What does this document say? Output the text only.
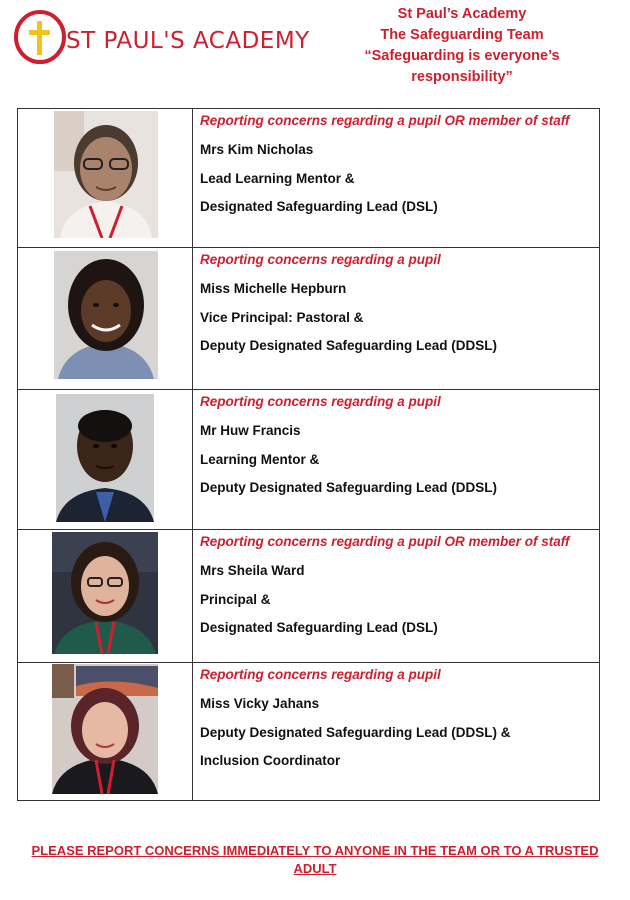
ST PAUL'S ACADEMY
St Paul’s Academy
The Safeguarding Team
“Safeguarding is everyone’s
responsibility”
Reporting concerns regarding a pupil OR member of staff
Mrs Kim Nicholas
Lead Learning Mentor &
Designated Safeguarding Lead (DSL)
Reporting concerns regarding a pupil
Miss Michelle Hepburn
Vice Principal: Pastoral &
Deputy Designated Safeguarding Lead (DDSL)
Reporting concerns regarding a pupil
Mr Huw Francis
Learning Mentor &
Deputy Designated Safeguarding Lead (DDSL)
Reporting concerns regarding a pupil OR member of staff
Mrs Sheila Ward
Principal &
Designated Safeguarding Lead (DSL)
Reporting concerns regarding a pupil
Miss Vicky Jahans
Deputy Designated Safeguarding Lead (DDSL) &
Inclusion Coordinator
PLEASE REPORT CONCERNS IMMEDIATELY TO ANYONE IN THE TEAM OR TO A TRUSTED
ADULT
